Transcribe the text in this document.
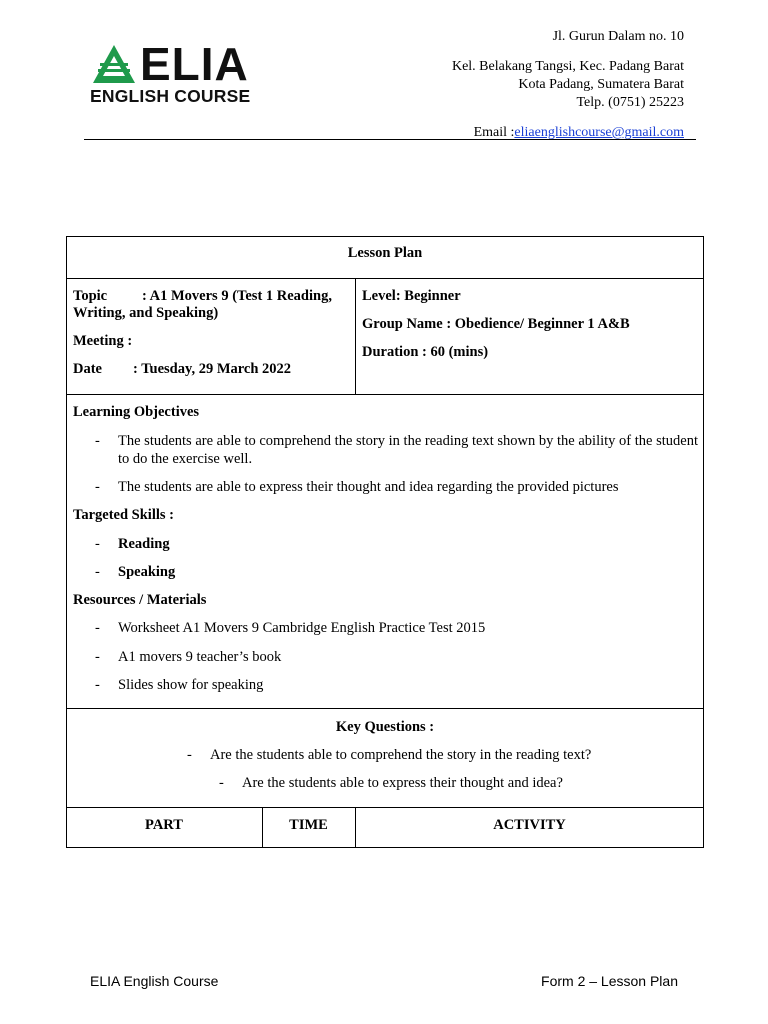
ELIA
ENGLISH COURSE
Jl. Gurun Dalam no. 10
Kel. Belakang Tangsi, Kec. Padang Barat
Kota Padang, Sumatera Barat
Telp. (0751) 25223
Email :eliaenglishcourse@gmail.com
Lesson Plan
Topic : A1 Movers 9 (Test 1 Reading,
Writing, and Speaking)
Meeting :
Date : Tuesday, 29 March 2022
Level: Beginner
Group Name : Obedience/ Beginner 1 A&B
Duration : 60 (mins)
Learning Objectives
- The students are able to comprehend the story in the reading text shown by the ability of the student to do the exercise well.
- The students are able to express their thought and idea regarding the provided pictures
Targeted Skills :
- Reading
- Speaking
Resources / Materials
- Worksheet A1 Movers 9 Cambridge English Practice Test 2015
- A1 movers 9 teacher’s book
- Slides show for speaking
Key Questions :
- Are the students able to comprehend the story in the reading text?
- Are the students able to express their thought and idea?
PART	TIME	ACTIVITY
ELIA English Course	Form 2 – Lesson Plan
